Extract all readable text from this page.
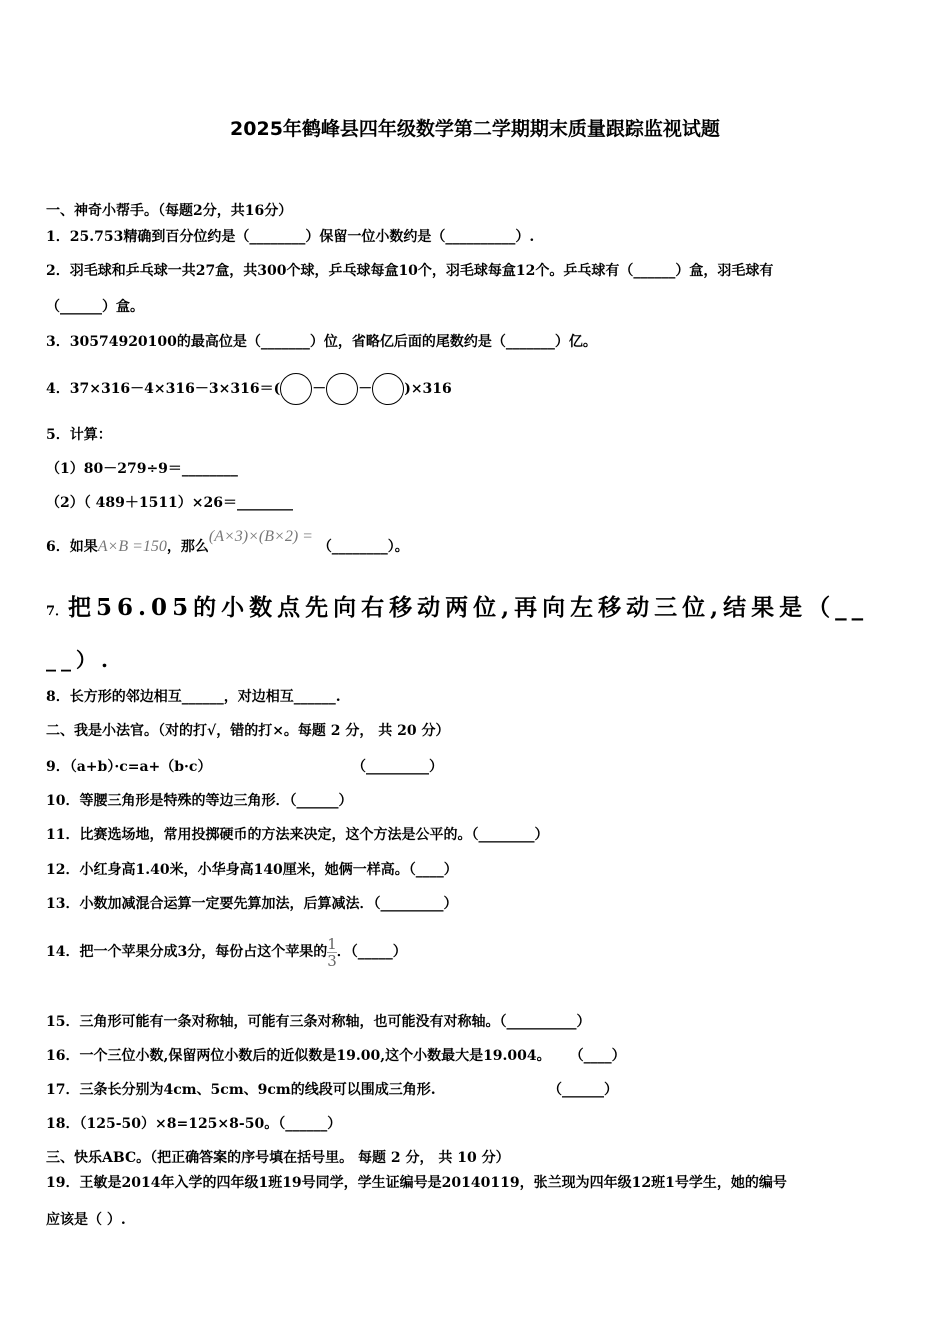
2025年鹤峰县四年级数学第二学期期末质量跟踪监视试题
一、神奇小帮手。（每题2分，共16分）
1．25.753精确到百分位约是（________）保留一位小数约是（__________）.
2．羽毛球和乒乓球一共27盒，共300个球，乒乓球每盒10个，羽毛球每盒12个。乒乓球有（______）盒，羽毛球有
（______）盒。
3．30574920100的最高位是（_______）位，省略亿后面的尾数约是（_______）亿。
4．37×316－4×316－3×316＝( － － )×316
5．计算：
（1）80－279÷9＝________
（2）（ 489＋1511）×26＝________
6．如果A×B =150，那么(A×3)×(B×2) = （________）。
7．把56.05的小数点先向右移动两位,再向左移动三位,结果是（__
__）.
8．长方形的邻边相互______，对边相互______.
二、我是小法官。（对的打√，错的打×。每题 2 分， 共 20 分）
9．（a+b）·c=a+（b·c）	（_________）
10．等腰三角形是特殊的等边三角形．（______）
11．比赛选场地，常用投掷硬币的方法来决定，这个方法是公平的。（________）
12．小红身高1.40米，小华身高140厘米，她俩一样高。（____）
13．小数加减混合运算一定要先算加法，后算减法．（_________）
14．把一个苹果分成3分，每份占这个苹果的 $\frac{1}{3}$ ．（_____）
15．三角形可能有一条对称轴，可能有三条对称轴，也可能没有对称轴。（__________）
16．一个三位小数,保留两位小数后的近似数是19.00,这个小数最大是19.004。 （____）
17．三条长分别为4cm、5cm、9cm的线段可以围成三角形.	（______）
18．（125-50）×8=125×8-50。（______）
三、快乐ABC。（把正确答案的序号填在括号里。 每题 2 分， 共 10 分）
19．王敏是2014年入学的四年级1班19号同学，学生证编号是20140119，张兰现为四年级12班1号学生，她的编号
应该是（ ）.
